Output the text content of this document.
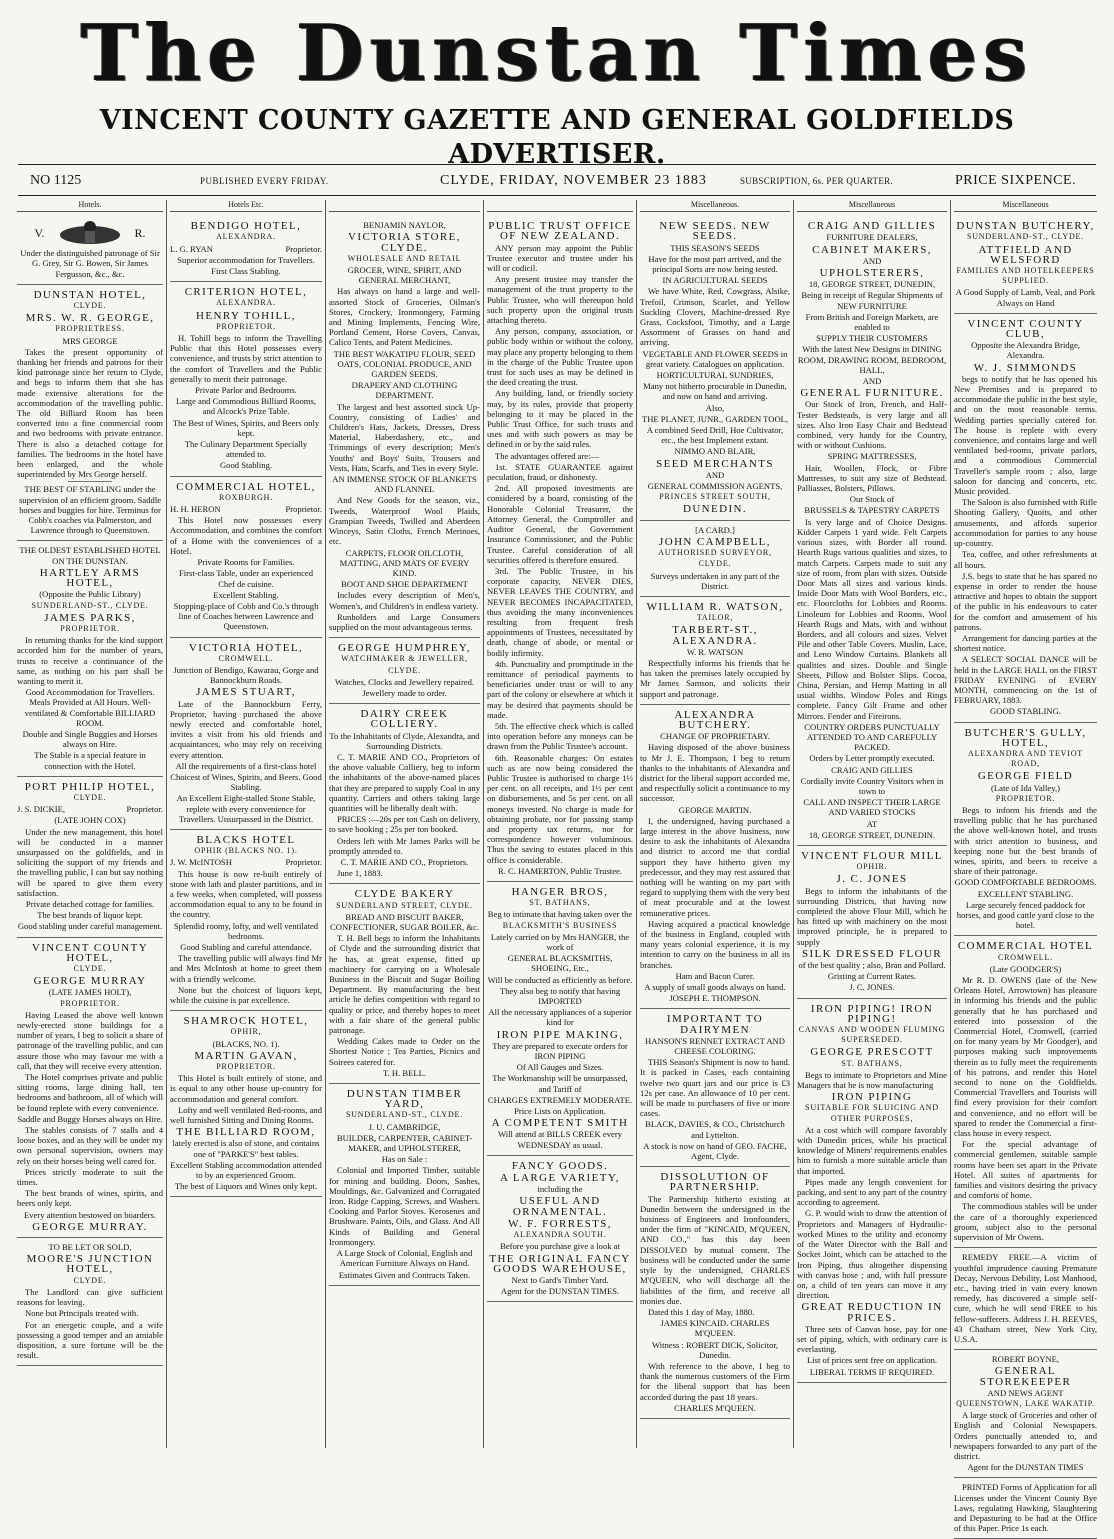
The Dunstan Times
VINCENT COUNTY GAZETTE AND GENERAL GOLDFIELDS ADVERTISER.
NO 1125	PUBLISHED EVERY FRIDAY.	CLYDE, FRIDAY, NOVEMBER 23 1883	SUBSCRIPTION, 6s. PER QUARTER.	PRICE SIXPENCE.
Hotels.
V.	R.
Under the distinguished patronage of Sir G. Grey, Sir G. Bowen, Sir James Fergusson, &c., &c.
DUNSTAN HOTEL,
CLYDE.
MRS. W. R. GEORGE,
PROPRIETRESS.
MRS GEORGE
Takes the present opportunity of thanking her friends and patrons for their kind patronage since her return to Clyde, and begs to inform them that she has made extensive alterations for the accommodation of the travelling public. The old Billiard Room has been converted into a fine commercial room and two bedrooms with private entrance. There is also a detached cottage for families. The bedrooms in the hotel have been enlarged, and the whole superintended by Mrs George herself.
THE BEST OF STABLING under the supervision of an efficient groom. Saddle horses and buggies for hire. Terminus for Cobb's coaches via Palmerston, and Lawrence through to Queenstown.
THE OLDEST ESTABLISHED HOTEL ON THE DUNSTAN.
HARTLEY ARMS HOTEL,
(Opposite the Public Library)
SUNDERLAND-ST., CLYDE.
JAMES PARKS,
PROPRIETOR.
In returning thanks for the kind support accorded him for the number of years, trusts to receive a continuance of the same, as nothing on his part shall be wanting to merit it.
Good Accommodation for Travellers. Meals Provided at All Hours. Well-ventilated & Comfortable BILLIARD ROOM.
Double and Single Buggies and Horses always on Hire.
The Stable is a special feature in connection with the Hotel.
PORT PHILIP HOTEL,
CLYDE.
J. S. DICKIE,	Proprietor.
(LATE JOHN COX)
Under the new management, this hotel will be conducted in a manner unsurpassed on the goldfields, and in soliciting the support of my friends and the travelling public, I can but say nothing will be spared to give them every satisfaction.
Private detached cottage for families.
The best brands of liquor kept.
Good stabling under careful management.
VINCENT COUNTY HOTEL,
CLYDE.
GEORGE MURRAY
(LATE JAMES HOLT),
PROPRIETOR.
Having Leased the above well known newly-erected stone buildings for a number of years, I beg to solicit a share of patronage of the travelling public, and can assure those who may favour me with a call, that they will receive every attention.
The Hotel comprises private and public sitting rooms, large dining hall, ten bedrooms and bathroom, all of which will be found replete with every convenience.
Saddle and Buggy Horses always on Hire.
The stables consists of 7 stalls and 4 loose boxes, and as they will be under my own personal supervision, owners may rely on their horses being well cared for.
Prices strictly moderate to suit the times.
The best brands of wines, spirits, and beers only kept.
Every attention bestowed on boarders.
GEORGE MURRAY.
TO BE LET OR SOLD,
MOORE'S JUNCTION HOTEL,
CLYDE.
The Landlord can give sufficient reasons for leaving.
None but Principals treated with.
For an energetic couple, and a wife possessing a good temper and an amiable disposition, a sure fortune will be the result.
Hotels Etc.
BENDIGO HOTEL,
ALEXANDRA.
L. G. RYAN	Proprietor.
Superior accommodation for Travellers.
First Class Stabling.
CRITERION HOTEL,
ALEXANDRA.
HENRY TOHILL,
PROPRIETOR.
H. Tohill begs to inform the Travelling Public that this Hotel possesses every convenience, and trusts by strict attention to the comfort of Travellers and the Public generally to merit their patronage.
Private Parlor and Bedrooms.
Large and Commodious Billiard Rooms, and Alcock's Prize Table.
The Best of Wines, Spirits, and Beers only kept.
The Culinary Department Specially attended to.
Good Stabling.
COMMERCIAL HOTEL,
ROXBURGH.
H. H. HERON	Proprietor.
This Hotel now possesses every Accommodation, and combines the comfort of a Home with the conveniences of a Hotel.
Private Rooms for Families.
First-class Table, under an experienced Chef de cuisine.
Excellent Stabling.
Stopping-place of Cobb and Co.'s through line of Coaches between Lawrence and Queenstown.
VICTORIA HOTEL,
CROMWELL.
Junction of Bendigo, Kawarau, Gorge and Bannockburn Roads.
JAMES STUART,
Late of the Bannockburn Ferry, Proprietor, having purchased the above newly erected and comfortable hotel, invites a visit from his old friends and acquaintances, who may rely on receiving every attention.
All the requirements of a first-class hotel
Choicest of Wines, Spirits, and Beers. Good Stabling.
An Excellent Eight-stalled Stone Stable, replete with every convenience for Travellers. Unsurpassed in the District.
BLACKS HOTEL
OPHIR (BLACKS NO. 1).
J. W. McINTOSH	Proprietor.
This house is now re-built entirely of stone with lath and plaster partitions, and in a few weeks, when completed, will possess accommodation equal to any to be found in the country.
Splendid roomy, lofty, and well ventilated bedrooms.
Good Stabling and careful attendance.
The travelling public will always find Mr and Mrs McIntosh at home to greet them with a friendly welcome.
None but the choicest of liquors kept, while the cuisine is par excellence.
SHAMROCK HOTEL,
OPHIR,
(BLACKS, NO. 1).
MARTIN GAVAN,
PROPRIETOR.
This Hotel is built entirely of stone, and is equal to any other house up-country for accommodation and general comfort.
Lofty and well ventilated Bed-rooms, and well furnished Sitting and Dining Rooms.
THE BILLIARD ROOM,
lately erected is also of stone, and contains one of "PARKE'S" best tables.
Excellent Stabling accommodation attended to by an experienced Groom.
The best of Liquors and Wines only kept.

BENJAMIN NAYLOR,
VICTORIA STORE, CLYDE.
WHOLESALE AND RETAIL
GROCER, WINE, SPIRIT, AND GENERAL MERCHANT,
Has always on hand a large and well-assorted Stock of Groceries, Oilman's Stores, Crockery, Ironmongery, Farming and Mining Implements, Fencing Wire, Portland Cement, Horse Covers, Canvas, Calico Tents, and Patent Medicines.
THE BEST WAKATIPU FLOUR, SEED OATS, COLONIAL PRODUCE, AND GARDEN SEEDS.
DRAPERY AND CLOTHING DEPARTMENT.
The largest and best assorted stock Up-Country, consisting of Ladies' and Children's Hats, Jackets, Dresses, Dress Material, Haberdashery, etc., and Trimmings of every description; Men's Youths' and Boys' Suits, Trousers and Vests, Hats, Scarfs, and Ties in every Style.
AN IMMENSE STOCK OF BLANKETS AND FLANNEL
And New Goods for the season, viz., Tweeds, Waterproof Wool Plaids, Grampian Tweeds, Twilled and Aberdeen Winceys, Satin Cloths, French Merinoes, etc.
CARPETS, FLOOR OILCLOTH, MATTING, AND MATS OF EVERY KIND.
BOOT AND SHOE DEPARTMENT
Includes every description of Men's, Women's, and Children's in endless variety.
Runholders and Large Consumers supplied on the most advantageous terms.
GEORGE HUMPHREY,
WATCHMAKER & JEWELLER,
CLYDE.
Watches, Clocks and Jewellery repaired.
Jewellery made to order.
DAIRY CREEK COLLIERY.
To the Inhabitants of Clyde, Alexandra, and Surrounding Districts.
C. T. MARIE AND CO., Proprietors of the above valuable Colliery, beg to inform the inhabitants of the above-named places that they are prepared to supply Coal in any quantity. Carriers and others taking large quantities will be liberally dealt with.
PRICES :—20s per ton Cash on delivery, to save booking ; 25s per ton booked.
Orders left with Mr James Parks will be promptly attended to.
C. T. MARIE AND CO., Proprietors.
June 1, 1883.
CLYDE BAKERY
SUNDERLAND STREET, CLYDE.
BREAD AND BISCUIT BAKER, CONFECTIONER, SUGAR BOILER, &c.
T. H. Bell begs to inform the Inhabitants of Clyde and the surrounding district that he has, at great expense, fitted up machinery for carrying on a Wholesale Business in the Biscuit and Sugar Boiling Department. By manufacturing the best article he defies competition with regard to quality or price, and thereby hopes to meet with a fair share of the general public patronage.
Wedding Cakes made to Order on the Shortest Notice ; Tea Parties, Picnics and Soirees catered for.
T. H. BELL.
DUNSTAN TIMBER YARD,
SUNDERLAND-ST., CLYDE.
J. U. CAMBRIDGE,
BUILDER, CARPENTER, CABINET-MAKER, and UPHOLSTERER,
Has on Sale :
Colonial and Imported Timber, suitable for mining and building. Doors, Sashes, Mouldings, &c. Galvanized and Corrugated Iron. Ridge Capping, Screws, and Washers. Cooking and Parlor Stoves. Kerosenes and Brushware. Paints, Oils, and Glass. And All Kinds of Building and General Ironmongery.
A Large Stock of Colonial, English and American Furniture Always on Hand.
Estimates Given and Contracts Taken.

PUBLIC TRUST OFFICE OF NEW ZEALAND.
ANY person may appoint the Public Trustee executor and trustee under his will or codicil.
Any present trustee may transfer the management of the trust property to the Public Trustee, who will thereupon hold such property upon the original trusts attaching thereto.
Any person, company, association, or public body within or without the colony, may place any property belonging to them in the charge of the Public Trustee upon trust for such uses as may be defined in the deed creating the trust.
Any building, land, or friendly society may, by its rules, provide that property belonging to it may be placed in the Public Trust Office, for such trusts and uses and with such powers as may be defined in or by the said rules.
The advantages offered are:—
1st. STATE GUARANTEE against peculation, fraud, or dishonesty.
2nd. All proposed investments are considered by a board, consisting of the Honorable Colonial Treasurer, the Attorney General, the Comptroller and Auditor General, the Government Insurance Commissioner, and the Public Trustee. Careful consideration of all securities offered is therefore ensured.
3rd. The Public Trustee, in his corporate capacity, NEVER DIES, NEVER LEAVES THE COUNTRY, and NEVER BECOMES INCAPACITATED, thus avoiding the many inconveniences resulting from frequent fresh appointments of Trustees, necessitated by death, change of abode, or mental or bodily infirmity.
4th. Punctuality and promptitude in the remittance of periodical payments to beneficiaries under trust or will to any part of the colony or elsewhere at which it may be desired that payments should be made.
5th. The effective check which is called into operation before any moneys can be drawn from the Public Trustee's account.
6th. Reasonable charges: On estates such as are now being considered the Public Trustee is authorised to charge 1½ per cent. on all receipts, and 1½ per cent on disbursements, and 5s per cent. on all moneys invested. No charge is made for obtaining probate, nor for passing stamp and property tax returns, nor for correspondence however voluminous. Thus the saving to estates placed in this office is considerable.
R. C. HAMERTON, Public Trustee.
HANGER BROS,
ST. BATHANS,
Beg to intimate that having taken over the
BLACKSMITH'S BUSINESS
Lately carried on by Mrs HANGER, the work of
GENERAL BLACKSMITHS, SHOEING, Etc.,
Will be conducted as efficiently as before.
They also beg to notify that having IMPORTED
All the necessary appliances of a superior kind for
IRON PIPE MAKING,
They are prepared to execute orders for IRON PIPING
Of All Gauges and Sizes.
The Workmanship will be unsurpassed, and Tariff of
CHARGES EXTREMELY MODERATE.
Price Lists on Application.
A COMPETENT SMITH
Will attend at BILLS CREEK every WEDNESDAY as usual.
FANCY GOODS.
A LARGE VARIETY,
including the
USEFUL AND ORNAMENTAL.
W. F. FORRESTS,
ALEXANDRA SOUTH.
Before you purchase give a look at
THE ORIGINAL FANCY GOODS WAREHOUSE,
Next to Gard's Timber Yard.
Agent for the DUNSTAN TIMES.
Miscellaneous.
NEW SEEDS. NEW SEEDS.
THIS SEASON'S SEEDS
Have for the most part arrived, and the principal Sorts are now being tested.
IN AGRICULTURAL SEEDS
We have White, Red, Cowgrass, Alsike, Trefoil, Crimson, Scarlet, and Yellow Suckling Clovers, Machine-dressed Rye Grass, Cocksfoot, Timothy, and a Large Assortment of Grasses on hand and arriving.
VEGETABLE AND FLOWER SEEDS in great variety. Catalogues on application.
HORTICULTURAL SUNDRIES,
Many not hitherto procurable in Dunedin, and now on hand and arriving.
Also,
THE PLANET, JUNR., GARDEN TOOL,
A combined Seed Drill, Hoe Cultivator, etc., the best Implement extant.
NIMMO AND BLAIR,
SEED MERCHANTS
AND
GENERAL COMMISSION AGENTS,
PRINCES STREET SOUTH,
DUNEDIN.
[A CARD.]
JOHN CAMPBELL,
AUTHORISED SURVEYOR,
CLYDE.
Surveys undertaken in any part of the District.
WILLIAM R. WATSON,
TAILOR,
TARBERT-ST., ALEXANDRA.
W. R. WATSON
Respectfully informs his friends that he has taken the premises lately occupied by Mr James Samson, and solicits their support and patronage.
ALEXANDRA BUTCHERY.
CHANGE OF PROPRIETARY.
Having disposed of the above business to Mr J. E. Thompson, I beg to return thanks to the inhabitants of Alexandra and district for the liberal support accorded me, and respectfully solicit a continuance to my successor.
GEORGE MARTIN.
I, the undersigned, having purchased a large interest in the above business, now desire to ask the inhabitants of Alexandra and district to accord me that cordial support they have hitherto given my predecessor, and they may rest assured that nothing will be wanting on my part with regard to supplying them with the very best of meat procurable and at the lowest remunerative prices.
Having acquired a practical knowledge of the business in England, coupled with many years colonial experience, it is my intention to carry on the business in all its branches.
Ham and Bacon Curer.
A supply of small goods always on hand.
JOSEPH E. THOMPSON.
IMPORTANT TO DAIRYMEN
HANSON'S RENNET EXTRACT AND CHEESE COLORING.
THIS Season's Shipment is now to hand. It is packed in Cases, each containing twelve two quart jars and our price is £3 12s per case. An allowance of 10 per cent. will be made to purchasers of five or more cases.
BLACK, DAVIES, & CO., Christchurch and Lyttelton.
A stock is now on hand of GEO. FACHE, Agent, Clyde.
DISSOLUTION OF PARTNERSHIP.
The Partnership hitherto existing at Dunedin between the undersigned in the business of Engineers and Ironfounders, under the firm of "KINCAID, M'QUEEN, AND CO.," has this day been DISSOLVED by mutual consent. The business will be conducted under the same style by the undersigned, CHARLES M'QUEEN, who will discharge all the liabilities of the firm, and receive all monies due.
Dated this 1 day of May, 1880.
JAMES KINCAID. CHARLES M'QUEEN.
Witness : ROBERT DICK, Solicitor, Dunedin.
With reference to the above, I beg to thank the numerous customers of the Firm for the liberal support that has been accorded during the past 18 years.
CHARLES M'QUEEN.
Miscellaneous
CRAIG AND GILLIES
FURNITURE DEALERS,
CABINET MAKERS,
AND
UPHOLSTERERS,
18, GEORGE STREET, DUNEDIN,
Being in receipt of Regular Shipments of NEW FURNITURE
From British and Foreign Markets, are enabled to
SUPPLY THEIR CUSTOMERS
With the latest New Designs in DINING ROOM, DRAWING ROOM, BEDROOM, HALL,
AND
GENERAL FURNITURE.
Our Stock of Iron, French, and Half-Tester Bedsteads, is very large and all sizes. Also Iron Easy Chair and Bedstead combined, very handy for the Country, with or without Cushions.
SPRING MATTRESSES,
Hair, Woollen, Flock, or Fibre Mattresses, to suit any size of Bedstead. Palliasses, Bolsters, Pillows.
Our Stock of
BRUSSELS & TAPESTRY CARPETS
Is very large and of Choice Designs. Kidder Carpets 1 yard wide. Felt Carpets various sizes, with Border all round. Hearth Rugs various qualities and sizes, to match Carpets. Carpets made to suit any size of room, from plan with sizes. Outside Door Mats all sizes and various kinds. Inside Door Mats with Wool Borders, etc., etc. Floorcloths for Lobbies and Rooms. Linoleum for Lobbies and Rooms. Wool Hearth Rugs and Mats, with and without Borders, and all colours and sizes. Velvet Pile and other Table Covers. Muslin, Lace, and Leno Window Curtains. Blankets all qualities and sizes. Double and Single Sheets, Pillow and Bolster Slips. Cocoa, China, Persian, and Hemp Matting in all usual widths. Window Poles and Rings complete. Fancy Gilt Frame and other Mirrors. Fender and Fireirons.
COUNTRY ORDERS PUNCTUALLY ATTENDED TO AND CAREFULLY PACKED.
Orders by Letter promptly executed.
CRAIG AND GILLIES
Cordially invite Country Visitors when in town to
CALL AND INSPECT THEIR LARGE AND VARIED STOCKS
AT
18, GEORGE STREET, DUNEDIN.
VINCENT FLOUR MILL
OPHIR.
J. C. JONES
Begs to inform the inhabitants of the surrounding Districts, that having now completed the above Flour Mill, which he has fitted up with machinery on the most improved principle, he is prepared to supply
SILK DRESSED FLOUR
of the best quality ; also, Bran and Pollard.
Gristing at Current Rates.
J. C. JONES.
IRON PIPING! IRON PIPING!
CANVAS AND WOODEN FLUMING SUPERSEDED.
GEORGE PRESCOTT
ST. BATHANS,
Begs to intimate to Proprietors and Mine Managers that he is now manufacturing
IRON PIPING
SUITABLE FOR SLUICING AND OTHER PURPOSES,
At a cost which will compare favorably with Dunedin prices, while his practical knowledge of Miners' requirements enables him to furnish a more suitable article than that imported.
Pipes made any length convenient for packing, and sent to any part of the country according to agreement.
G. P. would wish to draw the attention of Proprietors and Managers of Hydraulic-worked Mines to the utility and economy of the Water Director with the Ball and Socket Joint, which can be attached to the Iron Piping, thus altogether dispensing with canvas hose ; and, with full pressure on, a child of ten years can move it any direction.
GREAT REDUCTION IN PRICES.
Three sets of Canvas hose, pay for one set of piping, which, with ordinary care is everlasting.
List of prices sent free on application.
LIBERAL TERMS IF REQUIRED.
Miscellaneous
DUNSTAN BUTCHERY,
SUNDERLAND-ST., CLYDE.
ATTFIELD AND WELSFORD
FAMILIES AND HOTELKEEPERS SUPPLIED.
A Good Supply of Lamb, Veal, and Pork Always on Hand
VINCENT COUNTY CLUB,
Opposite the Alexandra Bridge, Alexandra.
W. J. SIMMONDS
begs to notify that he has opened his New Premises and is prepared to accommodate the public in the best style, and on the most reasonable terms. Wedding parties specially catered for. The house is replete with every convenience, and contains large and well ventilated bed-rooms, private parlors, and a commodious Commercial Traveller's sample room ; also, large saloon for dancing and concerts, etc. Music provided.
The Saloon is also furnished with Rifle Shooting Gallery, Quoits, and other amusements, and affords superior accommodation for parties to any house up-country.
Tea, coffee, and other refreshments at all hours.
J.S. begs to state that he has spared no expense in order to render the house attractive and hopes to obtain the support of the public in his endeavours to cater for the comfort and amusement of his patrons.
Arrangement for dancing parties at the shortest notice.
A SELECT SOCIAL DANCE will be held in the LARGE HALL on the FIRST FRIDAY EVENING of EVERY MONTH, commencing on the 1st of FEBRUARY, 1883.
GOOD STABLING.
BUTCHER'S GULLY, HOTEL,
ALEXANDRA AND TEVIOT ROAD,
GEORGE FIELD
(Late of Ida Valley,)
PROPRIETOR.
Begs to inform his friends and the travelling public that he has purchased the above well-known hotel, and trusts with strict attention to business, and keeping none but the best brands of wines, spirits, and beers to receive a share of their patronage.
GOOD COMFORTABLE BEDROOMS.
EXCELLENT STABLING.
Large securely fenced paddock for horses, and good cattle yard close to the hotel.
COMMERCIAL HOTEL
CROMWELL.
(Late GOODGER'S)
Mr R. D. OWENS (late of the New Orleans Hotel, Arrowtown) has pleasure in informing his friends and the public generally that he has purchased and entered into possession of the Commercial Hotel, Cromwell, (carried on for many years by Mr Goodger), and purposes making such improvements therein as to fully meet the requirements of his patrons, and render this Hotel second to none on the Goldfields. Commercial Travellers and Tourists will find every provision for their comfort and convenience, and no effort will be spared to render the Commercial a first-class house in every respect.
For the special advantage of commercial gentlemen, suitable sample rooms have been set apart in the Private Hotel. All suites of apartments for families and visitors desiring the privacy and comforts of home.
The commodious stables will be under the care of a thoroughly experienced groom, subject also to the personal supervision of Mr Owens.
REMEDY FREE.—A victim of youthful imprudence causing Premature Decay, Nervous Debility, Lost Manhood, etc., having tried in vain every known remedy, has discovered a simple self-cure, which he will send FREE to his fellow-sufferers. Address J. H. REEVES, 43 Chatham street, New York City, U.S.A.
ROBERT BOYNE,
GENERAL STOREKEEPER
AND NEWS AGENT
QUEENSTOWN, LAKE WAKATIP.
A large stock of Groceries and other of English and Colonial Newspapers. Orders punctually attended to, and newspapers forwarded to any part of the district.
Agent for the DUNSTAN TIMES
PRINTED Forms of Application for all Licenses under the Vincent County Bye Laws, regulating Hawking, Slaughtering and Depasturing to be had at the Office of this Paper. Price 1s each.
